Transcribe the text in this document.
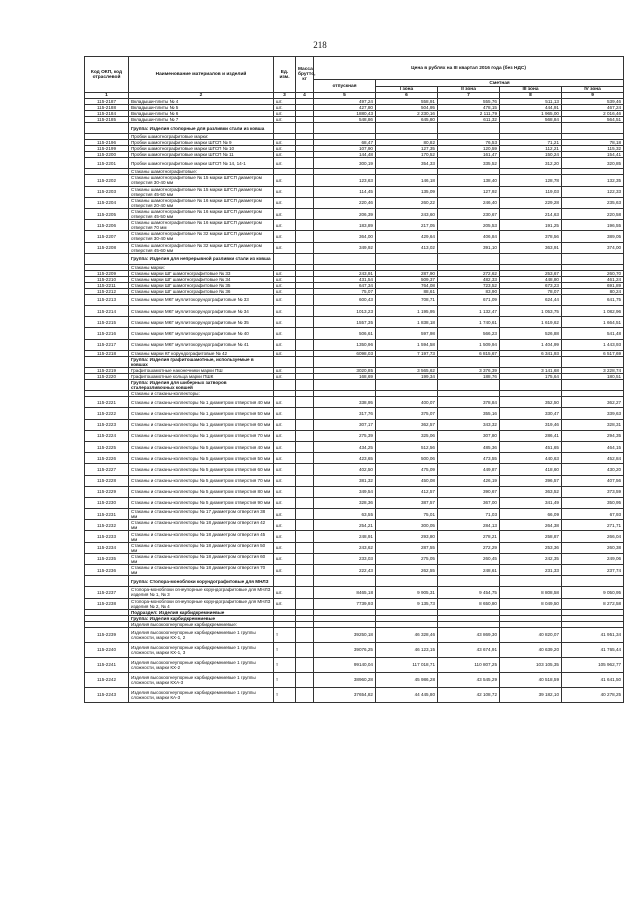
218
Код ОКП, код отраслевой	Наименование материалов и изделий	Ед. изм.	Масса брутто, кг	Цена в рублях на III квартал 2016 года (без НДС)				
				отпускная	Сметная			
					I зона	II зона	III зона	IV зона
1	2	3	4	5	6	7	8	9
115-2187	Вкладыши-плиты № 4	шт.		497,24	558,91	555,76	511,13	539,46
115-2188	Вкладыши-плиты № 5	шт.		427,80	504,95	478,15	444,91	467,24
115-2184	Вкладыши-плиты № 6	шт.		1880,43	2 230,16	2 111,79	1 965,00	2 016,46
115-2185	Вкладыши-плиты № 7	шт.		548,86	645,80	611,32	568,84	564,51
	Группа: Изделия стопорные для разливки стали из ковша							
	Пробки шамотнографитовые марки:							
115-2196	Пробки шамотнографитовые марки ШГСП № 9	шт.		68,47	80,82	76,53	71,21	78,18
115-2199	Пробки шамотнографитовые марки ШГСП № 10	шт.		107,90	127,35	120,59	112,21	115,32
115-2200	Пробки шамотнографитовые марки ШГСП № 11	шт.		144,48	170,52	161,47	150,24	154,41
115-2201	Пробки шамотнографитовые марки ШГСП № 14, 14-1	шт.		300,19	354,33	335,52	312,20	320,85
	Стаканы шамотнографитовые:							
115-2202	Стаканы шамотнографитовые № 15 марки ШГСП диаметром отверстия 30-40 мм	шт.		123,63	146,18	138,40	128,78	132,35
115-2203	Стаканы шамотнографитовые № 15 марки ШГСП диаметром отверстия 45-50 мм	шт.		114,45	135,09	127,92	119,03	122,33
115-2204	Стаканы шамотнографитовые № 16 марки ШГСП диаметром отверстия 20-40 мм	шт.		220,46	260,22	246,40	229,28	235,63
115-2205	Стаканы шамотнографитовые № 16 марки ШГСП диаметром отверстия 45-50 мм	шт.		206,39	243,60	230,67	214,63	220,58
115-2206	Стаканы шамотнографитовые № 16 марки ШГСП диаметром отверстия 70 мм	шт.		183,89	217,05	205,53	191,25	196,55
115-2207	Стаканы шамотнографитовые № 32 марки ШГСП диаметром отверстия 30-40 мм	шт.		364,00	429,64	406,84	378,56	389,05
115-2208	Стаканы шамотнографитовые № 32 марки ШГСП диаметром отверстия 45-60 мм	шт.		349,92	413,02	391,10	363,91	374,00
	Группа: Изделия для непрерывной разливки стали из ковша							
	Стаканы марки:							
115-2209	Стаканы марки ШГ шамотнографитовые № 33	шт.		243,91	287,90	272,62	253,67	260,70
115-2210	Стаканы марки ШГ шамотнографитовые № 34	шт.		431,54	509,37	482,33	448,80	461,24
115-2211	Стаканы марки ШГ шамотнографитовые № 35	шт.		647,34	764,08	723,52	673,23	691,89
115-2212	Стаканы марки ШГ шамотнографитовые № 36	шт.		75,07	88,61	83,90	78,07	80,24
115-2213	Стаканы марки МКГ муллитокорундографитовые № 33	шт.		600,43	708,71	671,09	624,44	641,75
115-2214	Стаканы марки МКГ муллитокорундографитовые № 34	шт.		1013,23	1 195,95	1 132,47	1 053,75	1 082,96
115-2215	Стаканы марки МКГ муллитокорундографитовые № 35	шт.		1557,35	1 838,18	1 740,61	1 619,62	1 664,51
115-2216	Стаканы марки МКГ муллитокорундографитовые № 40	шт.		506,61	597,98	566,23	526,88	541,48
115-2217	Стаканы марки МКГ муллитокорундографитовые № 41	шт.		1350,96	1 594,58	1 509,94	1 404,99	1 443,93
115-2218	Стаканы марки КГ корундографитовые № 42	шт.		6098,03	7 197,73	6 815,67	6 341,93	6 517,69
	Группа: Изделия графитошамотные, используемые в ковшах							
115-2219	Графитошамотные наконечники марки ПШ	шт.		3020,85	3 565,62	3 376,39	3 141,68	3 228,74
115-2220	Графитошамотные кольца марки ПШК	шт.		168,69	199,34	188,76	175,64	180,51
	Группа: Изделия для шиберных затворов сталеразливочных ковшей							
	Стаканы и стаканы-коллекторы:							
115-2221	Стаканы и стаканы-коллекторы № 1 диаметром отверстия 40 мм	шт.		338,95	400,07	378,84	352,50	362,27
115-2222	Стаканы и стаканы-коллекторы № 1 диаметром отверстия 50 мм	шт.		317,76	375,07	355,16	330,47	339,63
115-2223	Стаканы и стаканы-коллекторы № 1 диаметром отверстия 60 мм	шт.		307,17	362,57	343,32	319,46	328,31
115-2224	Стаканы и стаканы-коллекторы № 1 диаметром отверстия 70 мм	шт.		275,39	325,06	307,80	286,41	294,35
115-2225	Стаканы и стаканы-коллекторы № 5 диаметром отверстия 40 мм	шт.		434,25	512,56	485,36	451,65	464,15
115-2226	Стаканы и стаканы-коллекторы № 5 диаметром отверстия 50 мм	шт.		423,65	500,06	473,55	440,63	452,84
115-2227	Стаканы и стаканы-коллекторы № 5 диаметром отверстия 60 мм	шт.		402,50	475,09	449,87	418,60	430,20
115-2228	Стаканы и стаканы-коллекторы № 5 диаметром отверстия 70 мм	шт.		381,32	450,08	426,19	396,57	407,56
115-2229	Стаканы и стаканы-коллекторы № 5 диаметром отверстия 80 мм	шт.		349,54	412,57	390,67	363,52	373,59
115-2230	Стаканы и стаканы-коллекторы № 5 диаметром отверстия 90 мм	шт.		328,36	387,57	367,00	341,49	350,95
115-2231	Стаканы и стаканы-коллекторы № 17 диаметром отверстия 38 мм	шт.		63,55	75,01	71,03	66,09	67,93
115-2232	Стаканы и стаканы-коллекторы № 18 диаметром отверстия 42 мм	шт.		254,21	300,05	284,13	264,38	271,71
115-2233	Стаканы и стаканы-коллекторы № 18 диаметром отверстия 45 мм	шт.		248,91	293,80	278,21	258,87	266,04
115-2234	Стаканы и стаканы-коллекторы № 18 диаметром отверстия 50 мм	шт.		243,62	287,55	272,29	253,36	260,38
115-2235	Стаканы и стаканы-коллекторы № 18 диаметром отверстия 60 мм	шт.		233,03	275,05	260,45	242,35	249,06
115-2236	Стаканы и стаканы-коллекторы № 18 диаметром отверстия 70 мм	шт.		222,43	262,55	248,61	231,33	237,74
	Группа: Стопора-моноблоки корундографитовые для МНЛЗ							
115-2237	Стопора-моноблоки огнеупорные корундографитовые для МНЛЗ изделия № 1, № 3	шт.		8465,18	9 905,31	9 454,75	8 808,58	9 050,95
115-2238	Стопора-моноблоки огнеупорные корундографитовые для МНЛЗ изделия № 2, № 4	шт.		7739,93	9 135,73	8 650,80	8 049,50	8 272,58
	Подраздел: Изделия карбидкремниевые							
	Группа: Изделия карбидкремниевые							
	Изделия высокоогнеупорные карбидкремниевые:							
115-2239	Изделия высокоогнеупорные карбидкремниевые 1 группы сложности, марки КХ-1, 2	т		39250,18	46 328,46	43 869,30	40 820,07	41 951,34
115-2240	Изделия высокоогнеупорные карбидкремниевые 1 группы сложности, марки КХ-1, 3	т		39076,25	46 123,15	43 674,91	40 639,20	41 765,44
115-2241	Изделия высокоогнеупорные карбидкремниевые 1 группы сложности, марки КХ-2	т		99140,04	117 018,71	110 807,25	103 105,35	105 962,77
115-2242	Изделия высокоогнеупорные карбидкремниевые 1 группы сложности, марки КХА-3	т		38960,28	45 986,28	43 545,29	40 518,59	41 641,50
115-2243	Изделия высокоогнеупорные карбидкремниевые 1 группы сложности, марки КА-3	т		37654,82	44 445,80	42 108,72	39 182,10	40 278,25
